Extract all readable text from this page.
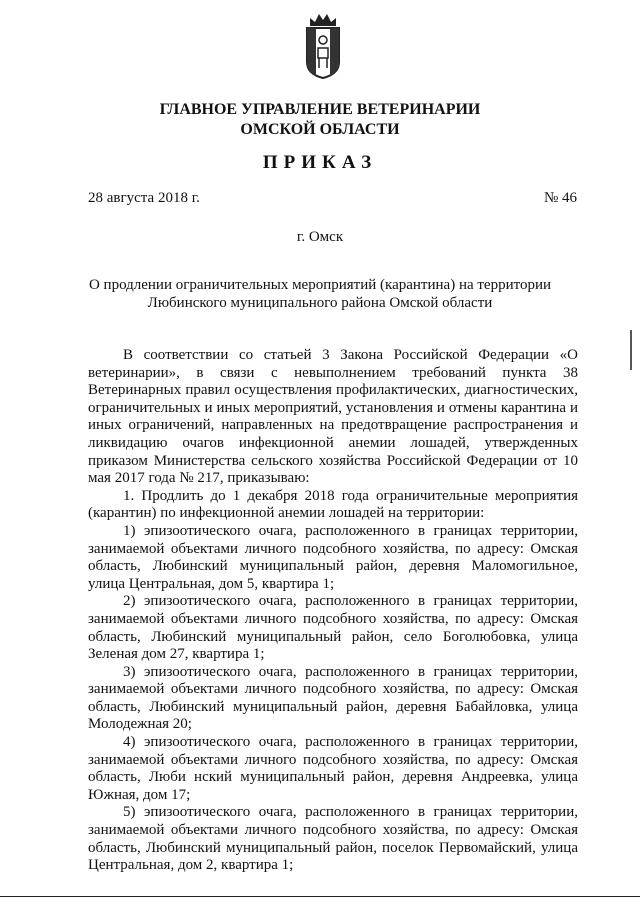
ГЛАВНОЕ УПРАВЛЕНИЕ ВЕТЕРИНАРИИ
ОМСКОЙ ОБЛАСТИ
ПРИКАЗ
28 августа 2018 г.	№ 46
г. Омск
О продлении ограничительных мероприятий (карантина) на территории
Любинского муниципального района Омской области

В соответствии со статьей 3 Закона Российской Федерации «О ветеринарии», в связи с невыполнением требований пункта 38 Ветеринарных правил осуществления профилактических, диагностических, ограничительных и иных мероприятий, установления и отмены карантина и иных ограничений, направленных на предотвращение распространения и ликвидацию очагов инфекционной анемии лошадей, утвержденных приказом Министерства сельского хозяйства Российской Федерации от 10 мая 2017 года № 217, приказываю:

1. Продлить до 1 декабря 2018 года ограничительные мероприятия (карантин) по инфекционной анемии лошадей на территории:

1) эпизоотического очага, расположенного в границах территории, занимаемой объектами личного подсобного хозяйства, по адресу: Омская область, Любинский муниципальный район, деревня Маломогильное, улица Центральная, дом 5, квартира 1;

2) эпизоотического очага, расположенного в границах территории, занимаемой объектами личного подсобного хозяйства, по адресу: Омская область, Любинский муниципальный район, село Боголюбовка, улица Зеленая дом 27, квартира 1;

3) эпизоотического очага, расположенного в границах территории, занимаемой объектами личного подсобного хозяйства, по адресу: Омская область, Любинский муниципальный район, деревня Бабайловка, улица Молодежная 20;

4) эпизоотического очага, расположенного в границах территории, занимаемой объектами личного подсобного хозяйства, по адресу: Омская область, Люби нский муниципальный район, деревня Андреевка, улица Южная, дом 17;

5) эпизоотического очага, расположенного в границах территории, занимаемой объектами личного подсобного хозяйства, по адресу: Омская область, Любинский муниципальный район, поселок Первомайский, улица Центральная, дом 2, квартира 1;
